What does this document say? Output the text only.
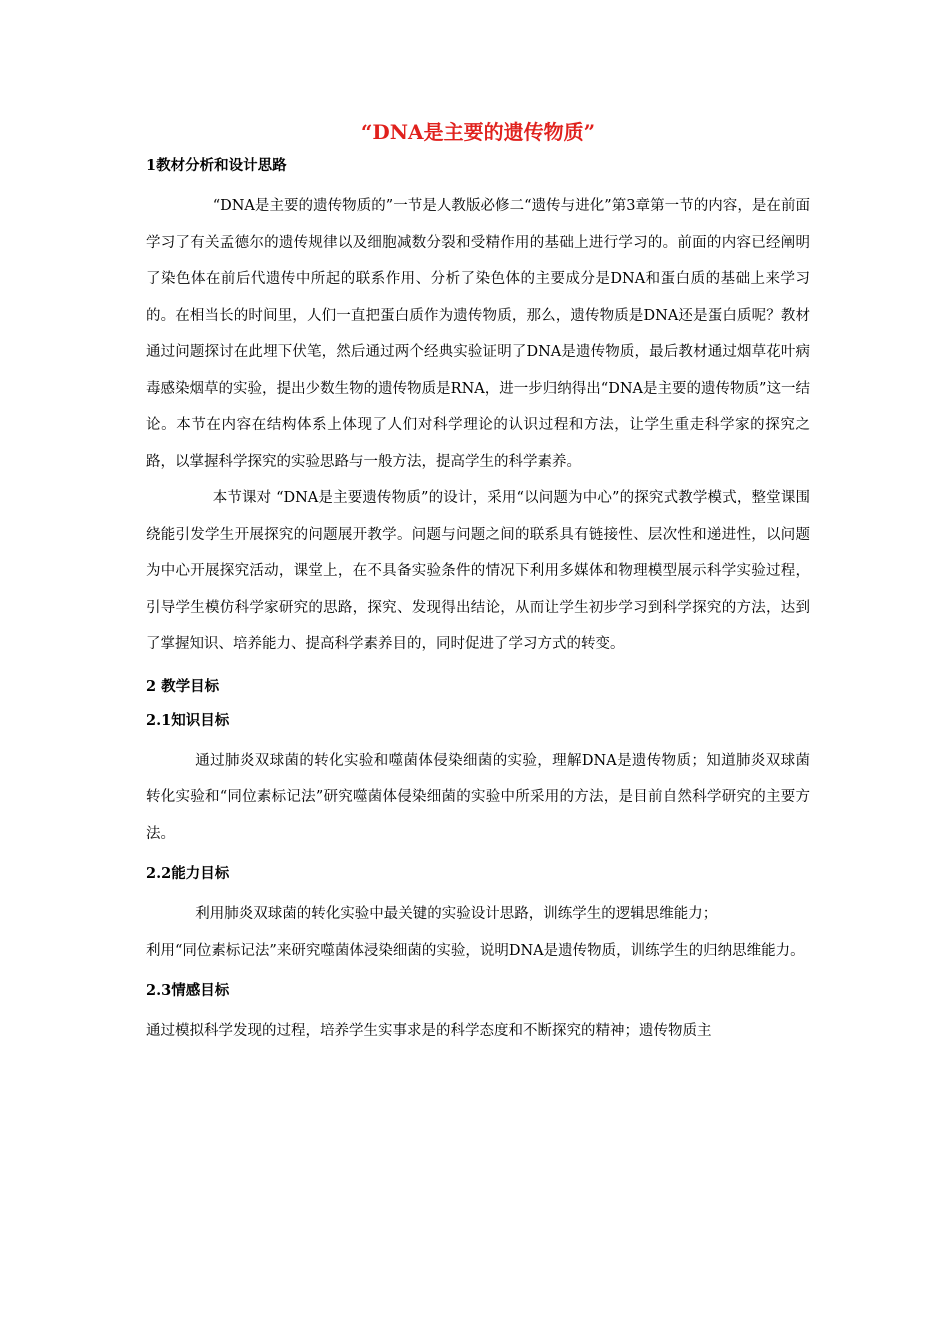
“DNA是主要的遗传物质”

1教材分析和设计思路

“DNA是主要的遗传物质的”一节是人教版必修二“遗传与进化”第3章第一节的内容，是在前面学习了有关孟德尔的遗传规律以及细胞减数分裂和受精作用的基础上进行学习的。前面的内容已经阐明了染色体在前后代遗传中所起的联系作用、分析了染色体的主要成分是DNA和蛋白质的基础上来学习的。在相当长的时间里，人们一直把蛋白质作为遗传物质，那么，遗传物质是DNA还是蛋白质呢？教材通过问题探讨在此埋下伏笔，然后通过两个经典实验证明了DNA是遗传物质，最后教材通过烟草花叶病毒感染烟草的实验，提出少数生物的遗传物质是RNA，进一步归纳得出“DNA是主要的遗传物质”这一结论。本节在内容在结构体系上体现了人们对科学理论的认识过程和方法，让学生重走科学家的探究之路，以掌握科学探究的实验思路与一般方法，提高学生的科学素养。

本节课对 “DNA是主要遗传物质”的设计，采用“以问题为中心”的探究式教学模式，整堂课围绕能引发学生开展探究的问题展开教学。问题与问题之间的联系具有链接性、层次性和递进性，以问题为中心开展探究活动，课堂上，在不具备实验条件的情况下利用多媒体和物理模型展示科学实验过程，引导学生模仿科学家研究的思路，探究、发现得出结论，从而让学生初步学习到科学探究的方法，达到了掌握知识、培养能力、提高科学素养目的，同时促进了学习方式的转变。

2 教学目标

2.1知识目标

通过肺炎双球菌的转化实验和噬菌体侵染细菌的实验，理解DNA是遗传物质；知道肺炎双球菌转化实验和“同位素标记法”研究噬菌体侵染细菌的实验中所采用的方法，是目前自然科学研究的主要方法。

2.2能力目标

利用肺炎双球菌的转化实验中最关键的实验设计思路，训练学生的逻辑思维能力；

利用“同位素标记法”来研究噬菌体浸染细菌的实验，说明DNA是遗传物质，训练学生的归纳思维能力。

2.3情感目标

通过模拟科学发现的过程，培养学生实事求是的科学态度和不断探究的精神；遗传物质主
